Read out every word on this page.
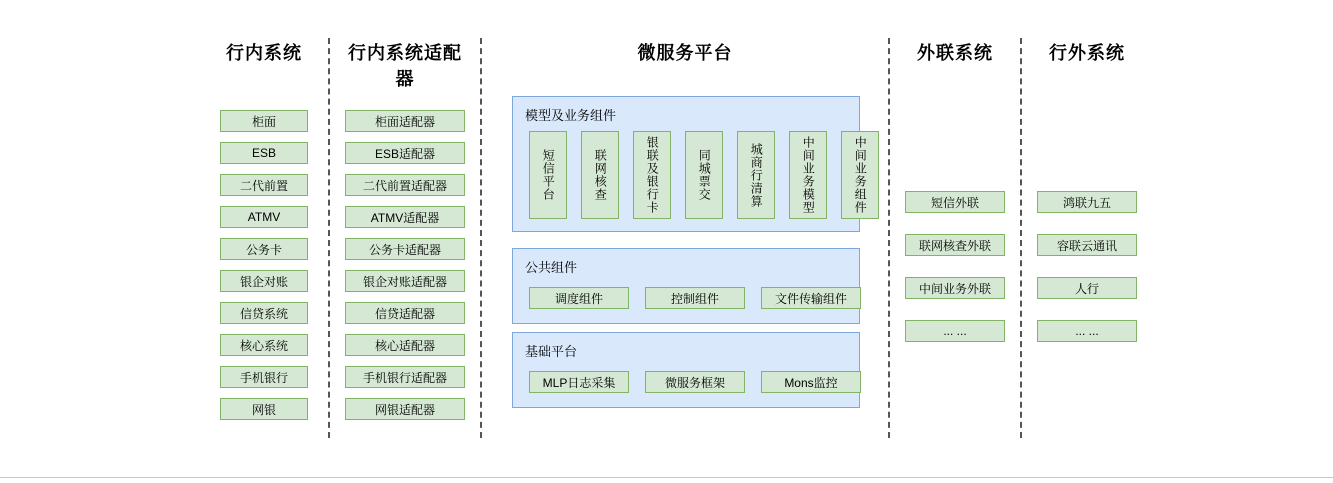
行内系统
柜面
ESB
二代前置
ATMV
公务卡
银企对账
信贷系统
核心系统
手机银行
网银
行内系统适配器
柜面适配器
ESB适配器
二代前置适配器
ATMV适配器
公务卡适配器
银企对账适配器
信贷适配器
核心适配器
手机银行适配器
网银适配器
微服务平台
模型及业务组件
短信平台	联网核查	银联及银行卡	同城票交	城商行清算	中间业务模型	中间业务组件
公共组件
调度组件	控制组件	文件传输组件
基础平台
MLP日志采集	微服务框架	Mons监控
外联系统
短信外联
联网核查外联
中间业务外联
... ...
行外系统
鸿联九五
容联云通讯
人行
... ...
